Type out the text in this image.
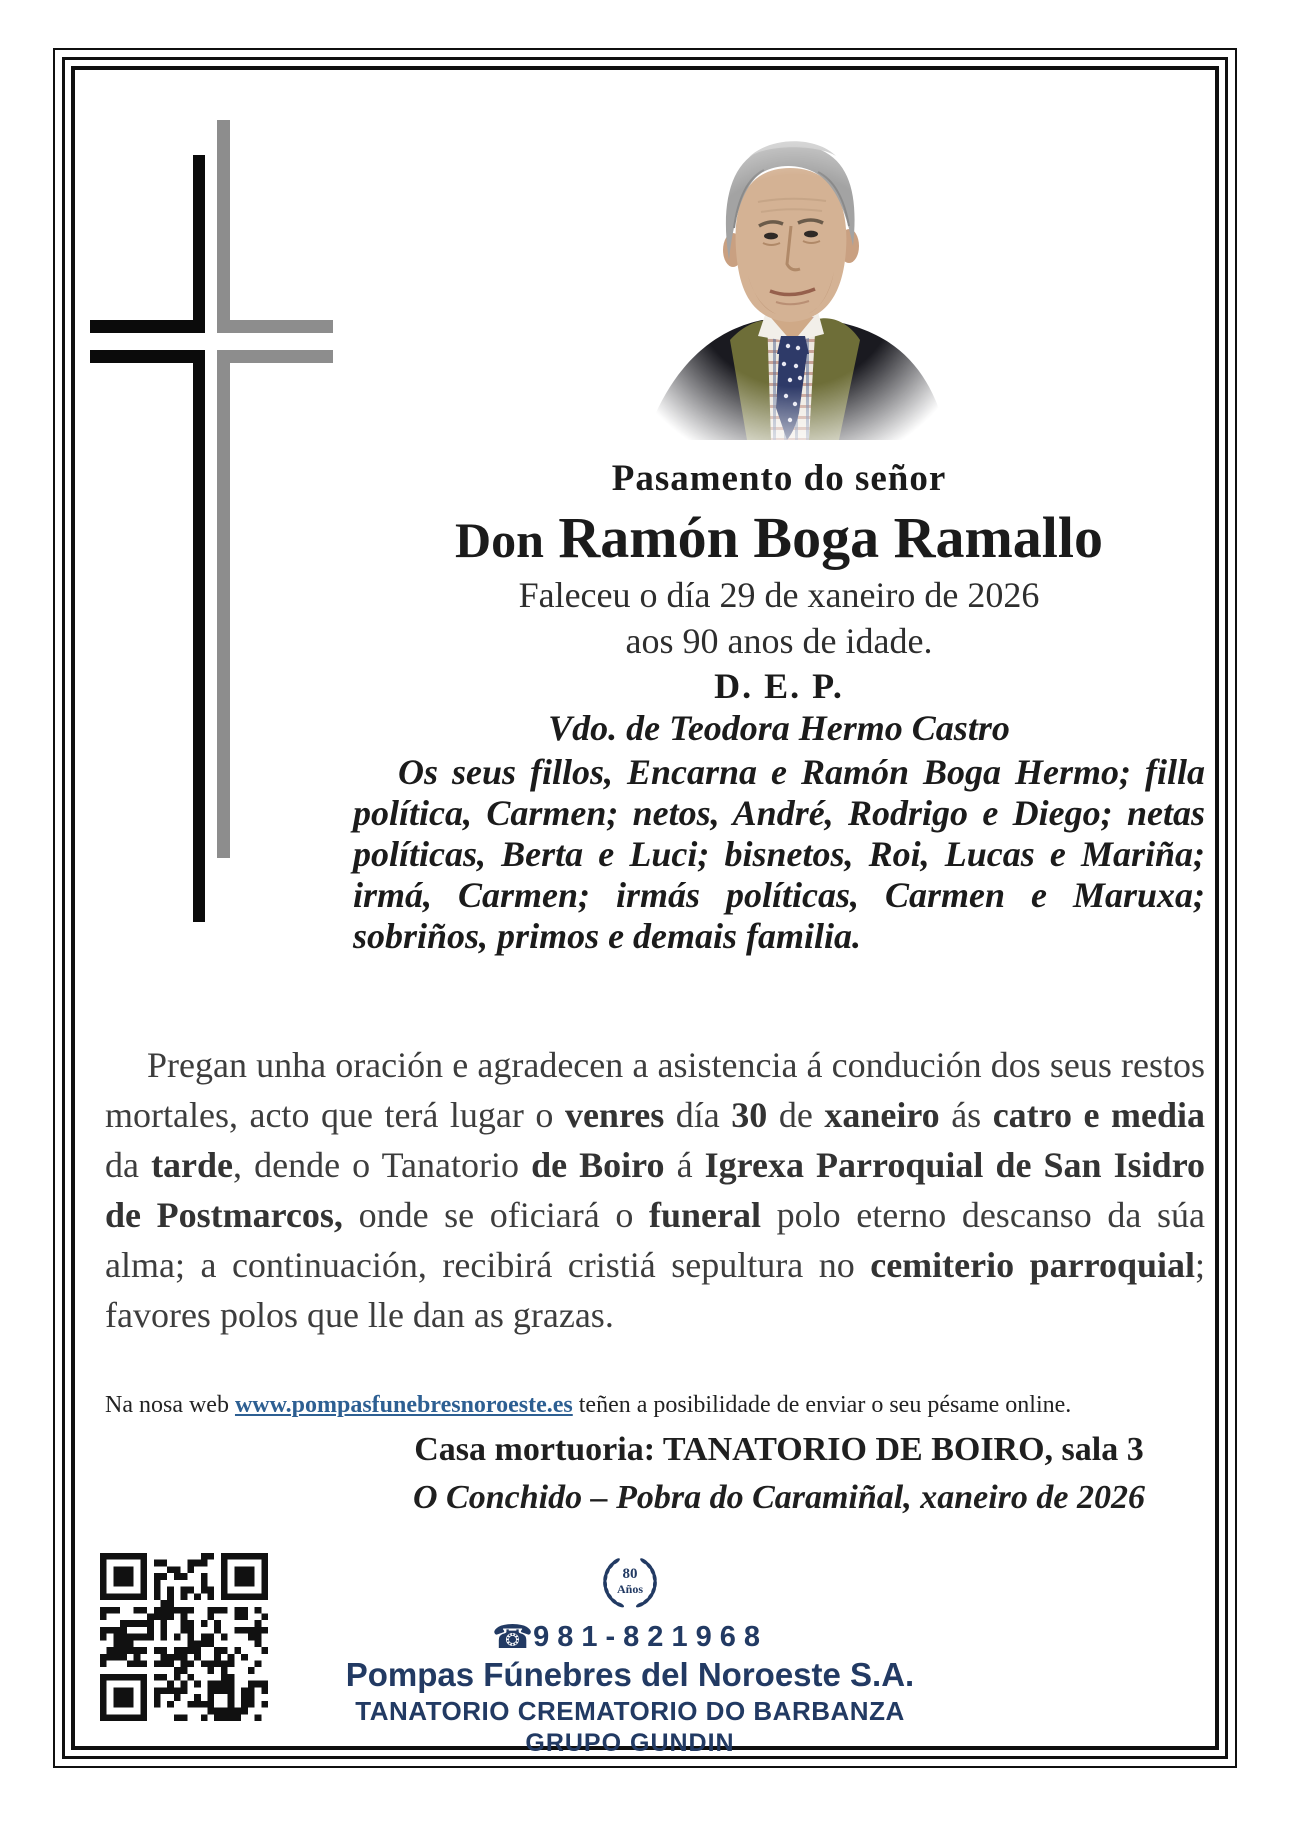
Pasamento do señor
Don Ramón Boga Ramallo
Faleceu o día 29 de xaneiro de 2026
aos 90 anos de idade.
D. E. P.
Vdo. de Teodora Hermo Castro
Os seus fillos, Encarna e Ramón Boga Hermo; filla política, Carmen; netos, André, Rodrigo e Diego; netas políticas, Berta e Luci; bisnetos, Roi, Lucas e Mariña; irmá, Carmen; irmás políticas, Carmen e Maruxa; sobriños, primos e demais familia.
Pregan unha oración e agradecen a asistencia á condución dos seus restos mortales, acto que terá lugar o venres día 30 de xaneiro ás catro e media da tarde, dende o Tanatorio de Boiro á Igrexa Parroquial de San Isidro de Postmarcos, onde se oficiará o funeral polo eterno descanso da súa alma; a continuación, recibirá cristiá sepultura no cemiterio parroquial; favores polos que lle dan as grazas.
Na nosa web www.pompasfunebresnoroeste.es teñen a posibilidade de enviar o seu pésame online.
Casa mortuoria: TANATORIO DE BOIRO, sala 3
O Conchido – Pobra do Caramiñal, xaneiro de 2026
80
Años
☎981-821968
Pompas Fúnebres del Noroeste S.A.
TANATORIO CREMATORIO DO BARBANZA
GRUPO GUNDIN
